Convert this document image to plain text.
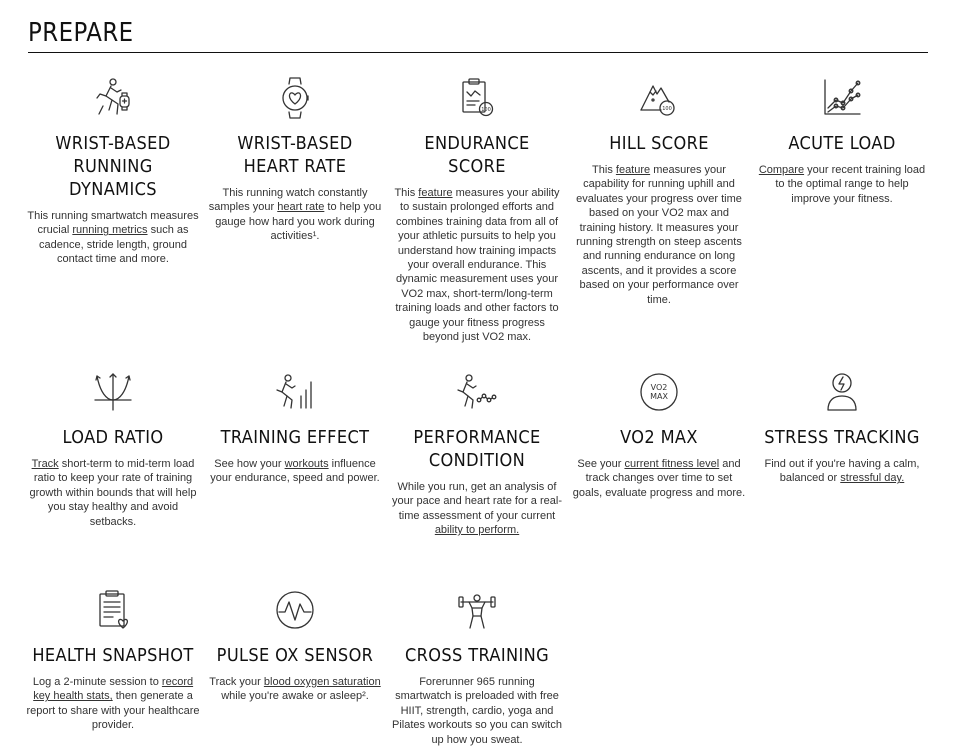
PREPARE
WRIST-BASED RUNNING DYNAMICS

This running smartwatch measures crucial running metrics such as cadence, stride length, ground contact time and more.

WRIST-BASED HEART RATE

This running watch constantly samples your heart rate to help you gauge how hard you work during activities¹.

100
ENDURANCE SCORE

This feature measures your ability to sustain prolonged efforts and combines training data from all of your athletic pursuits to help you understand how training impacts your overall endurance. This dynamic measurement uses your VO2 max, short-term/long-term training loads and other factors to gauge your fitness progress beyond just VO2 max.

100
HILL SCORE

This feature measures your capability for running uphill and evaluates your progress over time based on your VO2 max and training history. It measures your running strength on steep ascents and running endurance on long ascents, and it provides a score based on your performance over time.

ACUTE LOAD

Compare your recent training load to the optimal range to help improve your fitness.

LOAD RATIO

Track short-term to mid-term load ratio to keep your rate of training growth within bounds that will help you stay healthy and avoid setbacks.

TRAINING EFFECT

See how your workouts influence your endurance, speed and power.

PERFORMANCE CONDITION

While you run, get an analysis of your pace and heart rate for a real-time assessment of your current ability to perform.

VO2
MAX
VO2 MAX

See your current fitness level and track changes over time to set goals, evaluate progress and more.

STRESS TRACKING

Find out if you're having a calm, balanced or stressful day.

HEALTH SNAPSHOT

Log a 2-minute session to record key health stats, then generate a report to share with your healthcare provider.

PULSE OX SENSOR

Track your blood oxygen saturation while you're awake or asleep².

CROSS TRAINING

Forerunner 965 running smartwatch is preloaded with free HIIT, strength, cardio, yoga and Pilates workouts so you can switch up how you sweat.
